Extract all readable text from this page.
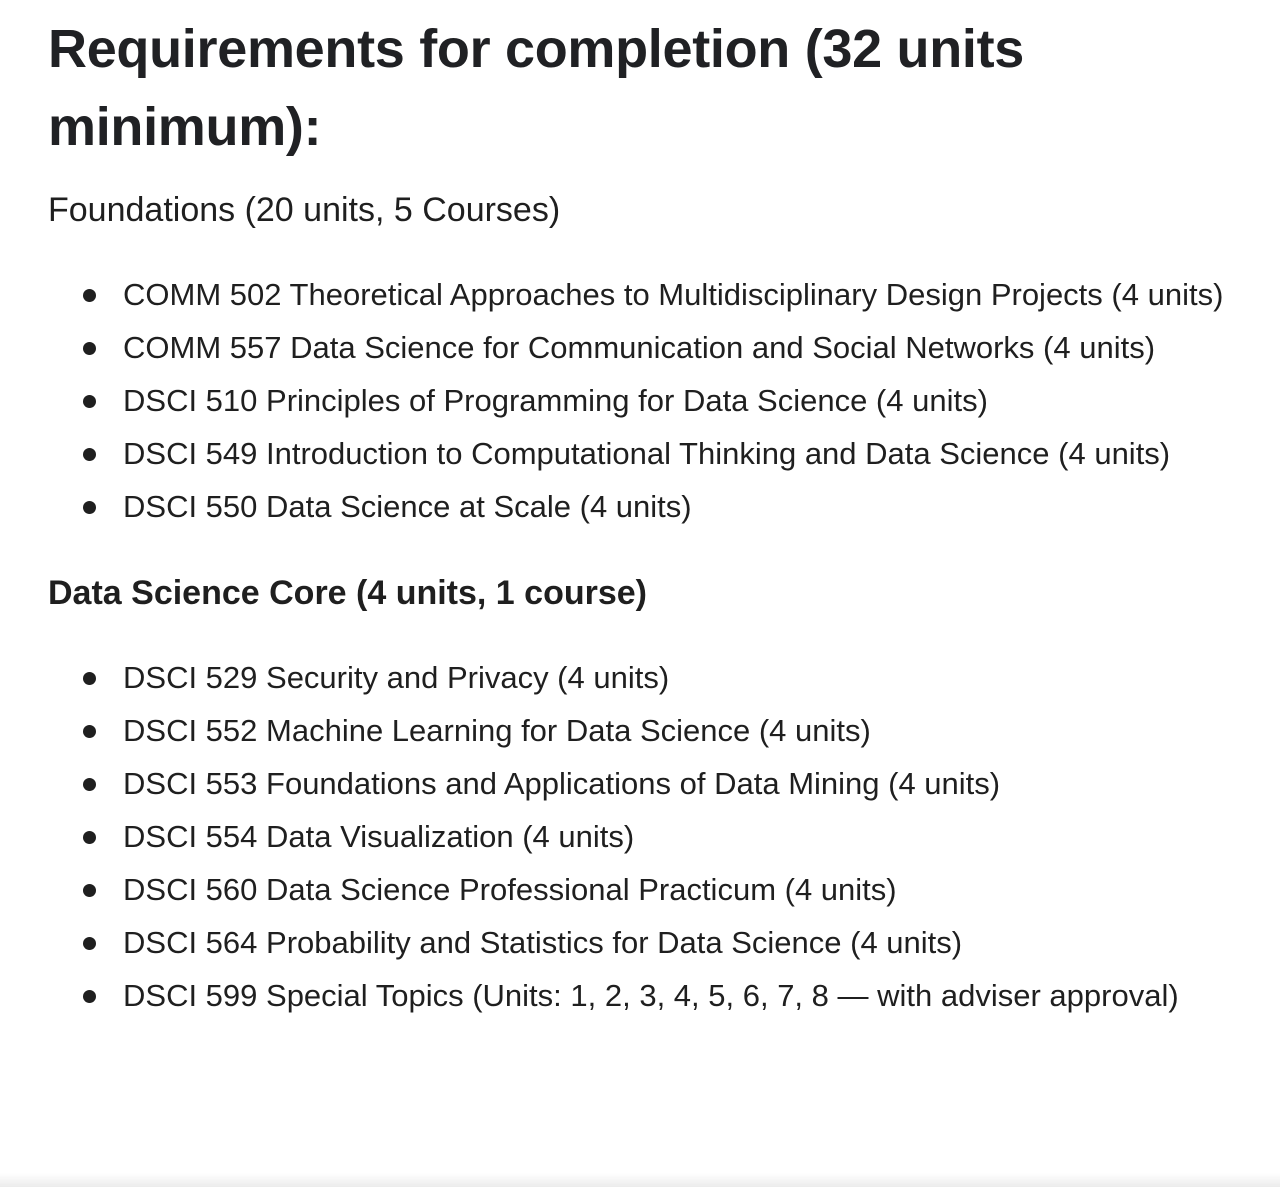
Requirements for completion (32 units minimum):
Foundations (20 units, 5 Courses)
COMM 502 Theoretical Approaches to Multidisciplinary Design Projects (4 units)
COMM 557 Data Science for Communication and Social Networks (4 units)
DSCI 510 Principles of Programming for Data Science (4 units)
DSCI 549 Introduction to Computational Thinking and Data Science (4 units)
DSCI 550 Data Science at Scale (4 units)
Data Science Core (4 units, 1 course)
DSCI 529 Security and Privacy (4 units)
DSCI 552 Machine Learning for Data Science (4 units)
DSCI 553 Foundations and Applications of Data Mining (4 units)
DSCI 554 Data Visualization (4 units)
DSCI 560 Data Science Professional Practicum (4 units)
DSCI 564 Probability and Statistics for Data Science (4 units)
DSCI 599 Special Topics (Units: 1, 2, 3, 4, 5, 6, 7, 8 — with adviser approval)
